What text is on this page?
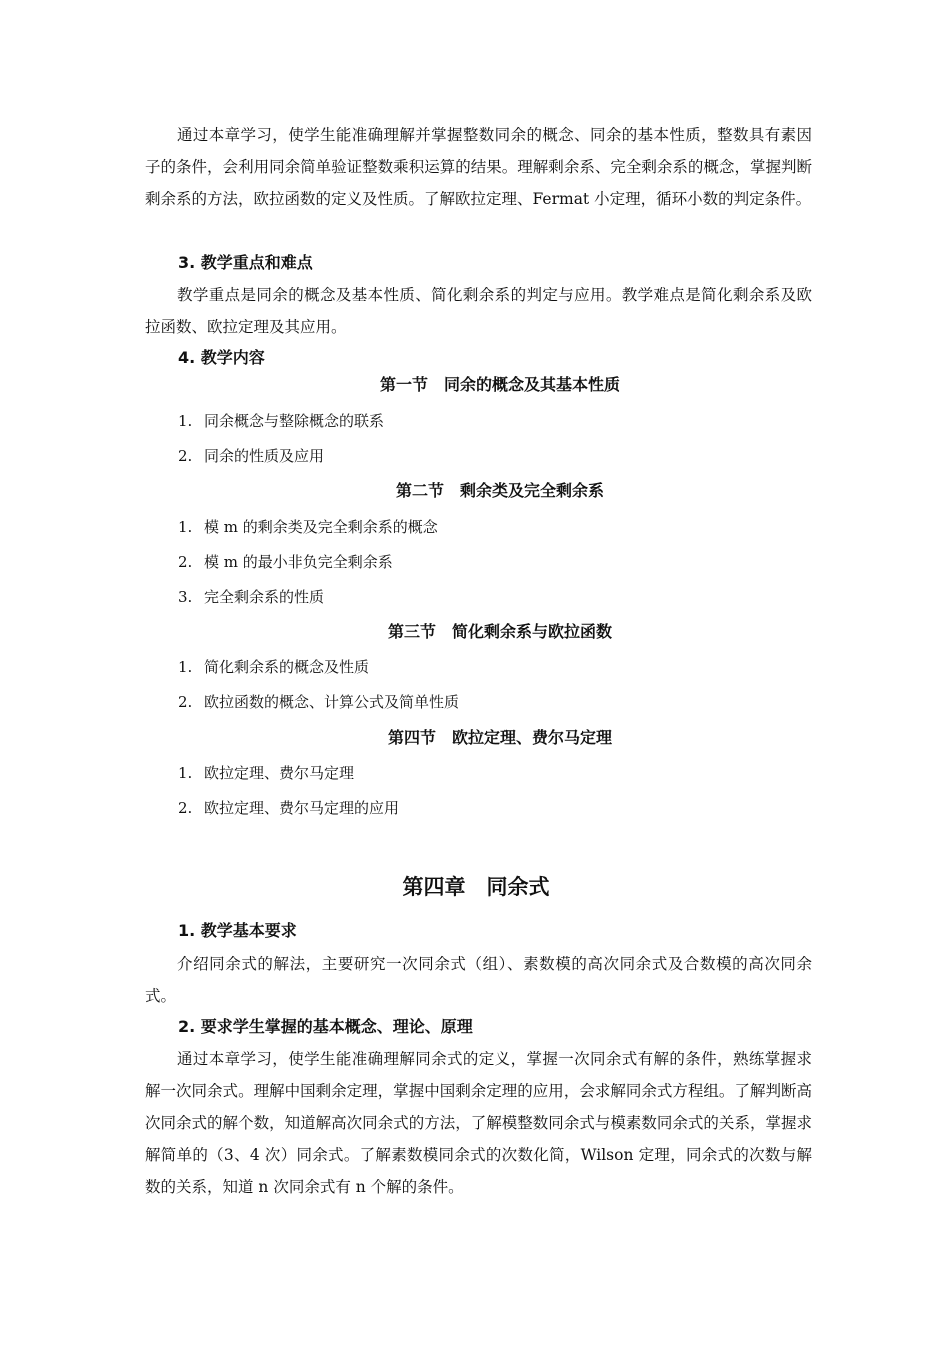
通过本章学习，使学生能准确理解并掌握整数同余的概念、同余的基本性质，整数具有素因子的条件，会利用同余简单验证整数乘积运算的结果。理解剩余系、完全剩余系的概念，掌握判断剩余系的方法，欧拉函数的定义及性质。了解欧拉定理、Fermat 小定理，循环小数的判定条件。

3. 教学重点和难点

教学重点是同余的概念及基本性质、简化剩余系的判定与应用。教学难点是简化剩余系及欧拉函数、欧拉定理及其应用。

4. 教学内容

第一节　同余的概念及其基本性质

1. 同余概念与整除概念的联系

2. 同余的性质及应用

第二节　剩余类及完全剩余系

1. 模 m 的剩余类及完全剩余系的概念

2. 模 m 的最小非负完全剩余系

3. 完全剩余系的性质

第三节　简化剩余系与欧拉函数

1. 简化剩余系的概念及性质

2. 欧拉函数的概念、计算公式及简单性质

第四节　欧拉定理、费尔马定理

1. 欧拉定理、费尔马定理

2. 欧拉定理、费尔马定理的应用

第四章　同余式

1. 教学基本要求

介绍同余式的解法，主要研究一次同余式（组）、素数模的高次同余式及合数模的高次同余式。

2. 要求学生掌握的基本概念、理论、原理

通过本章学习，使学生能准确理解同余式的定义，掌握一次同余式有解的条件，熟练掌握求解一次同余式。理解中国剩余定理，掌握中国剩余定理的应用，会求解同余式方程组。了解判断高次同余式的解个数，知道解高次同余式的方法，了解模整数同余式与模素数同余式的关系，掌握求解简单的（3、4 次）同余式。了解素数模同余式的次数化简，Wilson 定理，同余式的次数与解数的关系，知道 n 次同余式有 n 个解的条件。
